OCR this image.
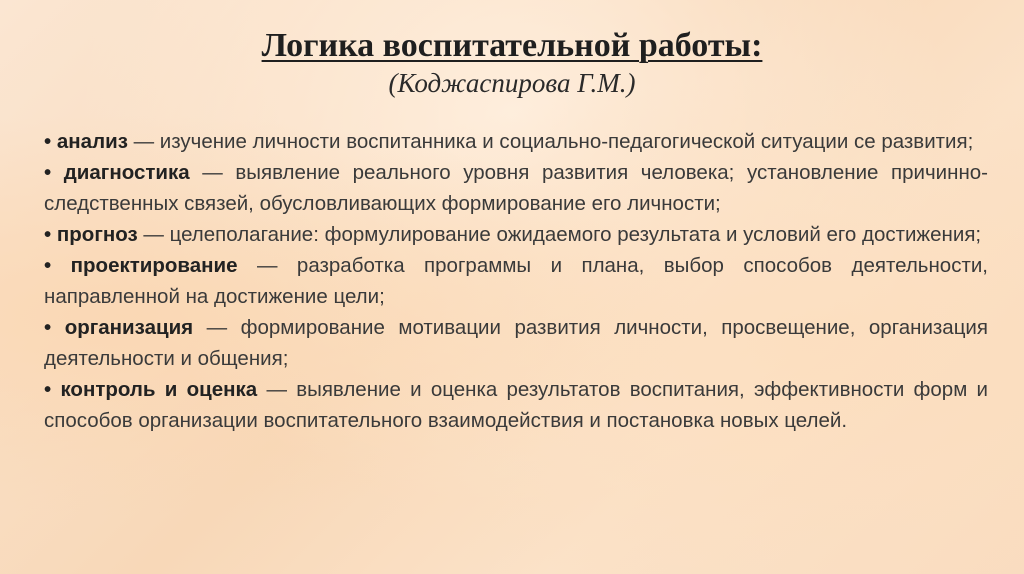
Логика воспитательной работы:
(Коджаспирова Г.М.)

• анализ — изучение личности воспитанника и социально-педагогической ситуации се развития;

• диагностика — выявление реального уровня развития человека; установление причинно-следственных связей, обусловливающих формирование его личности;

• прогноз — целеполагание: формулирование ожидаемого результата и условий его достижения;

• проектирование — разработка программы и плана, выбор способов деятельности, направленной на достижение цели;

• организация — формирование мотивации развития личности, просвещение, организация деятельности и общения;

• контроль и оценка — выявление и оценка результатов воспитания, эффективности форм и способов организации воспитательного взаимодействия и постановка новых целей.
